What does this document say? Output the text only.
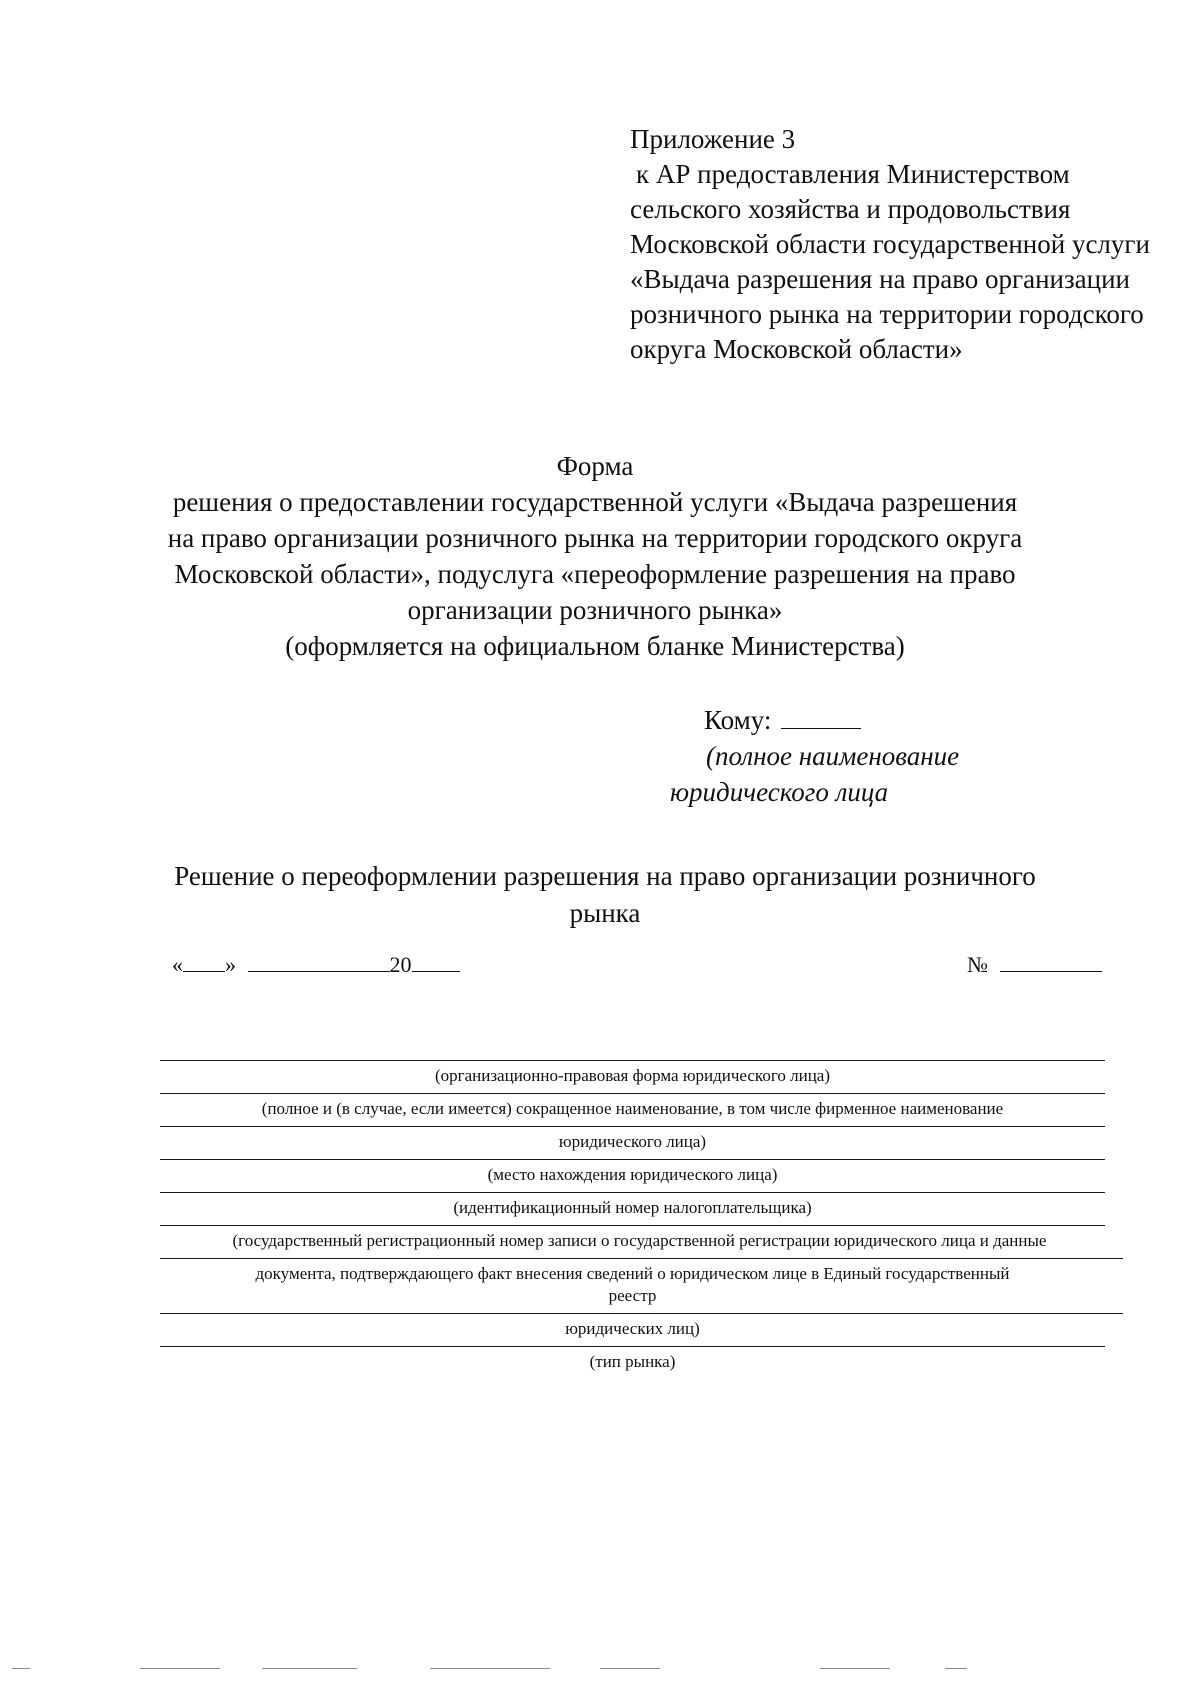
Приложение 3
к АР предоставления Министерством
сельского хозяйства и продовольствия
Московской области государственной услуги
«Выдача разрешения на право организации
розничного рынка на территории городского
округа Московской области»
Форма
решения о предоставлении государственной услуги «Выдача разрешения
на право организации розничного рынка на территории городского округа
Московской области», подуслуга «переоформление разрешения на право
организации розничного рынка»
(оформляется на официальном бланке Министерства)
Кому:
(полное наименование
юридического лица
Решение о переоформлении разрешения на право организации розничного
рынка
« »	20	№
(организационно-правовая форма юридического лица)
(полное и (в случае, если имеется) сокращенное наименование, в том числе фирменное наименование
юридического лица)
(место нахождения юридического лица)
(идентификационный номер налогоплательщика)
(государственный регистрационный номер записи о государственной регистрации юридического лица и данные
документа, подтверждающего факт внесения сведений о юридическом лице в Единый государственный
реестр
юридических лиц)
(тип рынка)
